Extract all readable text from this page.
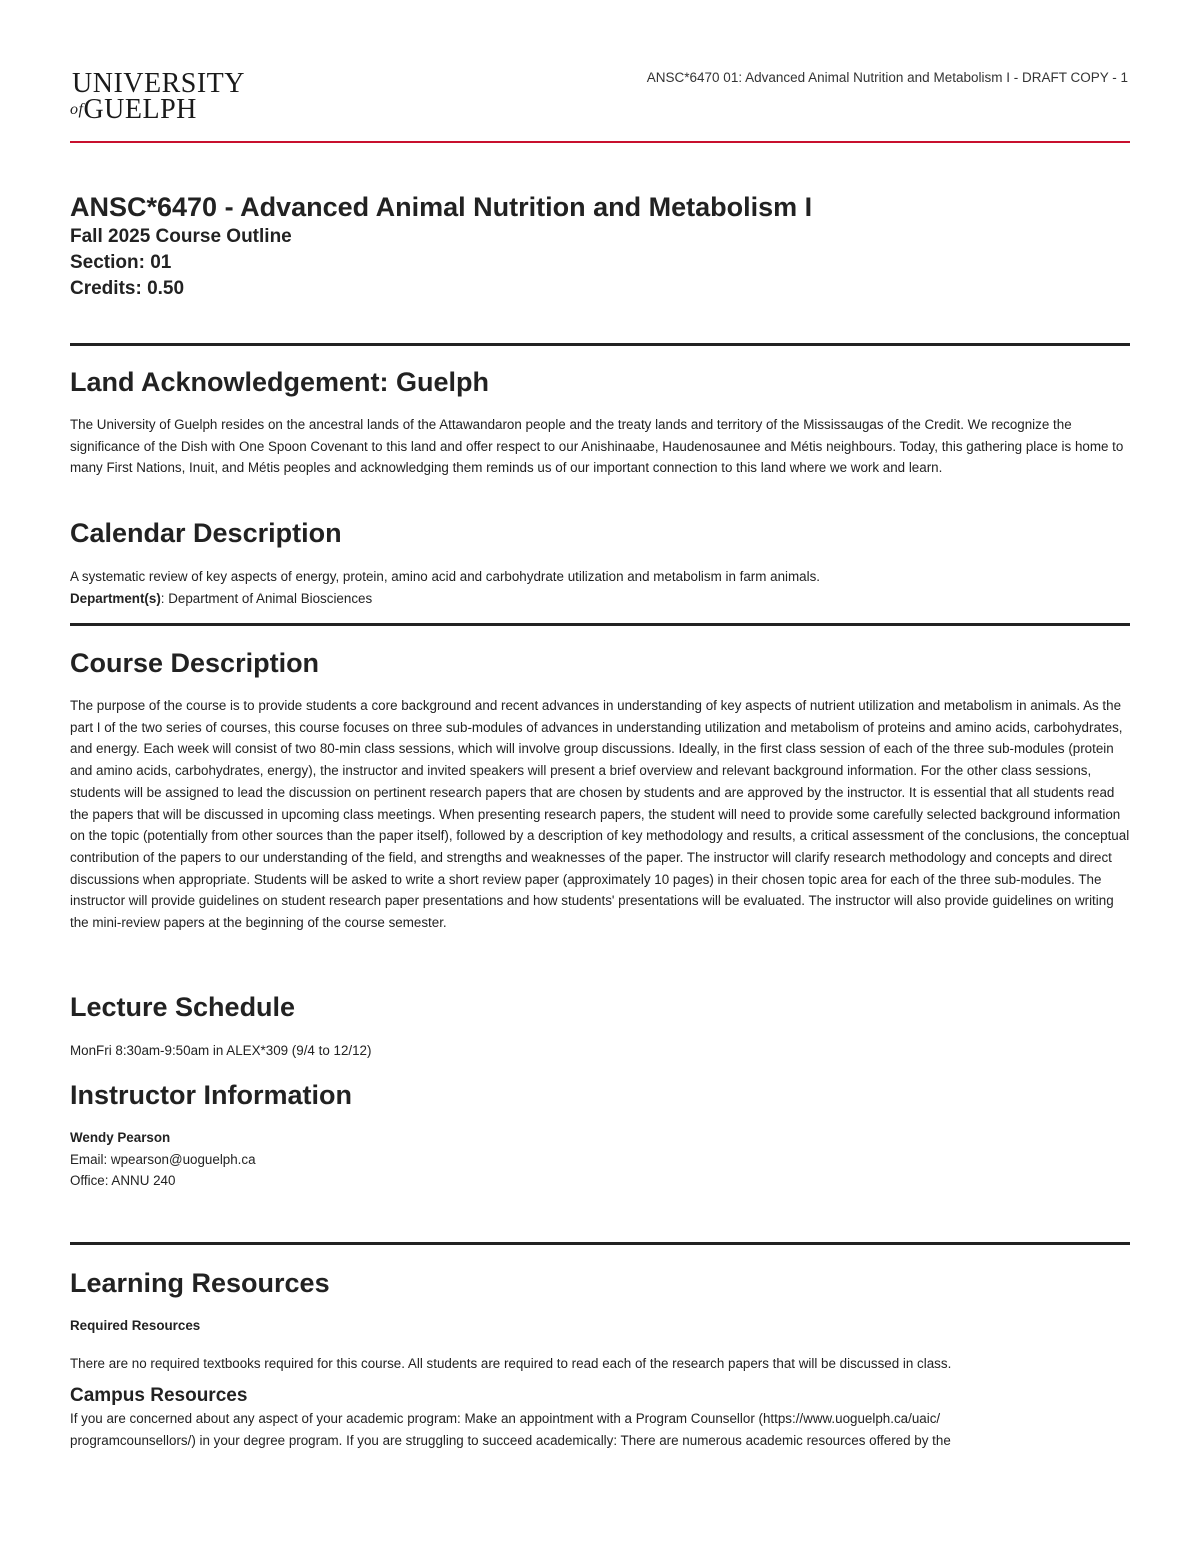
UNIVERSITY
ofGUELPH
ANSC*6470 01: Advanced Animal Nutrition and Metabolism I - DRAFT COPY - 1
ANSC*6470 - Advanced Animal Nutrition and Metabolism I
Fall 2025 Course Outline
Section: 01
Credits: 0.50
Land Acknowledgement: Guelph

The University of Guelph resides on the ancestral lands of the Attawandaron people and the treaty lands and territory of the Mississaugas of the Credit. We recognize the significance of the Dish with One Spoon Covenant to this land and offer respect to our Anishinaabe, Haudenosaunee and Métis neighbours. Today, this gathering place is home to many First Nations, Inuit, and Métis peoples and acknowledging them reminds us of our important connection to this land where we work and learn.

Calendar Description

A systematic review of key aspects of energy, protein, amino acid and carbohydrate utilization and metabolism in farm animals.

Department(s): Department of Animal Biosciences

Course Description

The purpose of the course is to provide students a core background and recent advances in understanding of key aspects of nutrient utilization and metabolism in animals. As the part I of the two series of courses, this course focuses on three sub-modules of advances in understanding utilization and metabolism of proteins and amino acids, carbohydrates, and energy. Each week will consist of two 80-min class sessions, which will involve group discussions. Ideally, in the first class session of each of the three sub-modules (protein and amino acids, carbohydrates, energy), the instructor and invited speakers will present a brief overview and relevant background information. For the other class sessions, students will be assigned to lead the discussion on pertinent research papers that are chosen by students and are approved by the instructor. It is essential that all students read the papers that will be discussed in upcoming class meetings. When presenting research papers, the student will need to provide some carefully selected background information on the topic (potentially from other sources than the paper itself), followed by a description of key methodology and results, a critical assessment of the conclusions, the conceptual contribution of the papers to our understanding of the field, and strengths and weaknesses of the paper. The instructor will clarify research methodology and concepts and direct discussions when appropriate. Students will be asked to write a short review paper (approximately 10 pages) in their chosen topic area for each of the three sub-modules. The instructor will provide guidelines on student research paper presentations and how students' presentations will be evaluated. The instructor will also provide guidelines on writing the mini-review papers at the beginning of the course semester.

Lecture Schedule

MonFri 8:30am-9:50am in ALEX*309 (9/4 to 12/12)

Instructor Information

Wendy Pearson

Email: wpearson@uoguelph.ca

Office: ANNU 240

Learning Resources

Required Resources

There are no required textbooks required for this course. All students are required to read each of the research papers that will be discussed in class.

Campus Resources

If you are concerned about any aspect of your academic program: Make an appointment with a Program Counsellor (https://www.uoguelph.ca/uaic/

programcounsellors/) in your degree program. If you are struggling to succeed academically: There are numerous academic resources offered by the
